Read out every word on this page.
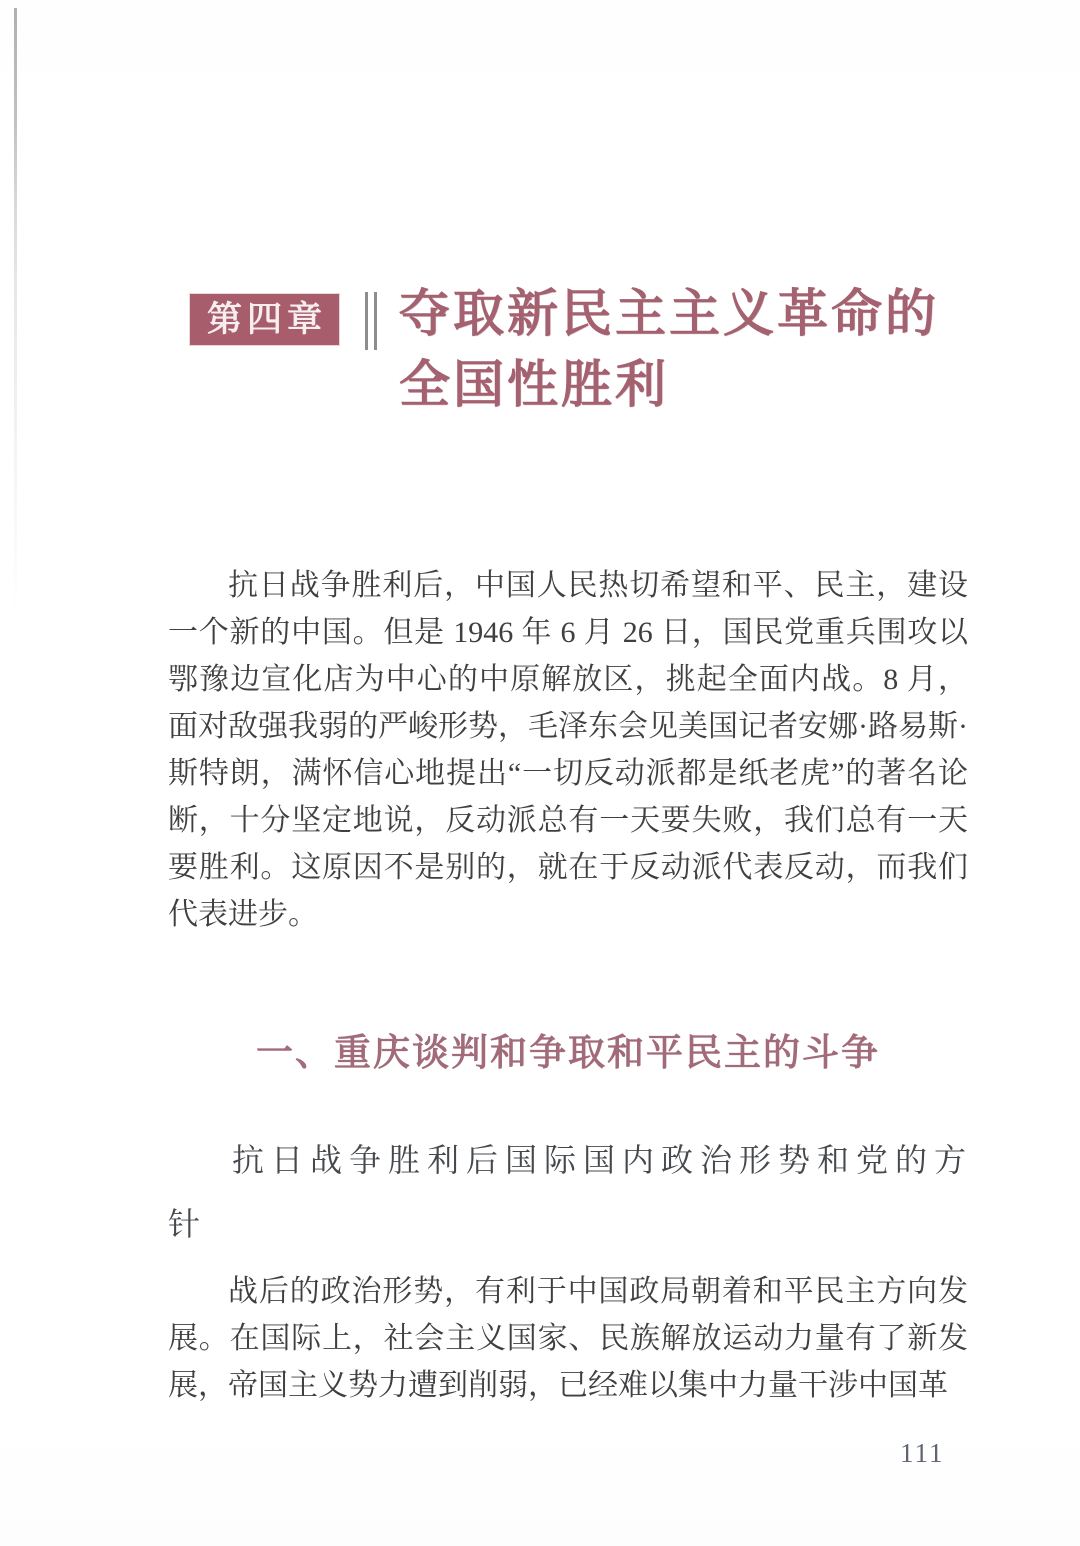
第四章 夺取新民主主义革命的
全国性胜利

抗日战争胜利后，中国人民热切希望和平、民主，建设一个新的中国。但是 1946 年 6 月 26 日，国民党重兵围攻以鄂豫边宣化店为中心的中原解放区，挑起全面内战。8 月，面对敌强我弱的严峻形势，毛泽东会见美国记者安娜·路易斯·斯特朗，满怀信心地提出“一切反动派都是纸老虎”的著名论断，十分坚定地说，反动派总有一天要失败，我们总有一天要胜利。这原因不是别的，就在于反动派代表反动，而我们代表进步。

一、重庆谈判和争取和平民主的斗争
抗日战争胜利后国际国内政治形势和党的方针

战后的政治形势，有利于中国政局朝着和平民主方向发展。在国际上，社会主义国家、民族解放运动力量有了新发展，帝国主义势力遭到削弱，已经难以集中力量干涉中国革

111
